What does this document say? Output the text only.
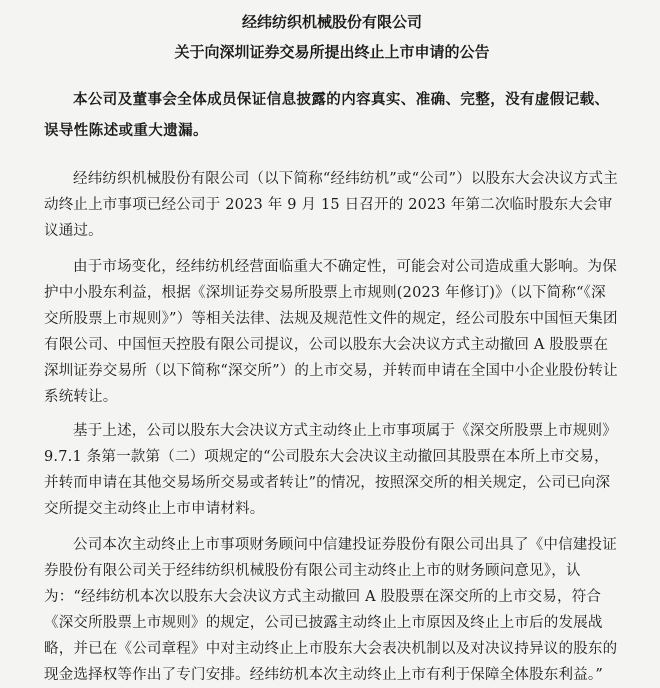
经纬纺织机械股份有限公司

关于向深圳证券交易所提出终止上市申请的公告

本公司及董事会全体成员保证信息披露的内容真实、准确、完整，没有虚假记载、误导性陈述或重大遗漏。

经纬纺织机械股份有限公司（以下简称“经纬纺机”或“公司”）以股东大会决议方式主动终止上市事项已经公司于 2023 年 9 月 15 日召开的 2023 年第二次临时股东大会审议通过。

由于市场变化，经纬纺机经营面临重大不确定性，可能会对公司造成重大影响。为保护中小股东利益，根据《深圳证券交易所股票上市规则(2023 年修订)》（以下简称“《深交所股票上市规则》”）等相关法律、法规及规范性文件的规定，经公司股东中国恒天集团有限公司、中国恒天控股有限公司提议，公司以股东大会决议方式主动撤回 A 股股票在深圳证券交易所（以下简称“深交所”）的上市交易，并转而申请在全国中小企业股份转让系统转让。

基于上述，公司以股东大会决议方式主动终止上市事项属于《深交所股票上市规则》9.7.1 条第一款第（二）项规定的“公司股东大会决议主动撤回其股票在本所上市交易，并转而申请在其他交易场所交易或者转让”的情况，按照深交所的相关规定，公司已向深交所提交主动终止上市申请材料。

公司本次主动终止上市事项财务顾问中信建投证券股份有限公司出具了《中信建投证券股份有限公司关于经纬纺织机械股份有限公司主动终止上市的财务顾问意见》，认为：“经纬纺机本次以股东大会决议方式主动撤回 A 股股票在深交所的上市交易，符合《深交所股票上市规则》的规定，公司已披露主动终止上市原因及终止上市后的发展战略，并已在《公司章程》中对主动终止上市股东大会表决机制以及对决议持异议的股东的现金选择权等作出了专门安排。经纬纺机本次主动终止上市有利于保障全体股东利益。”
